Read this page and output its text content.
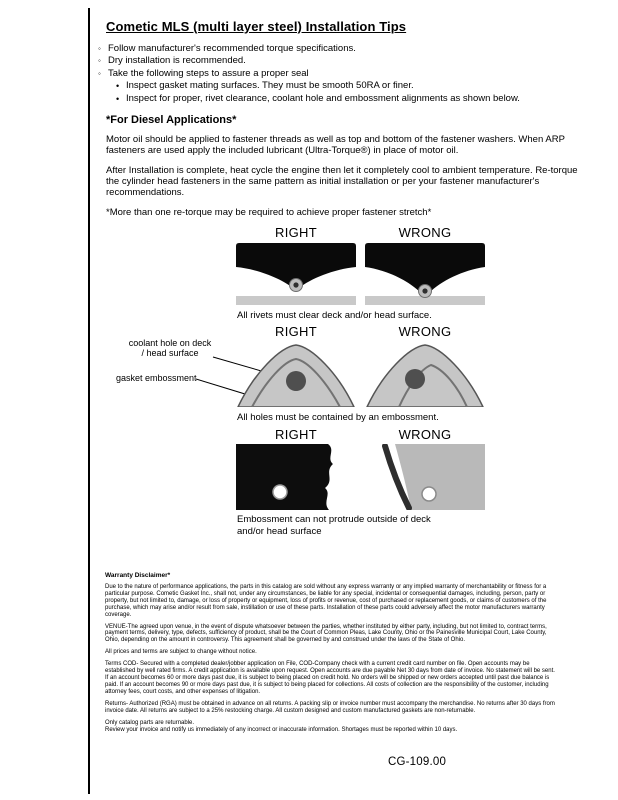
Cometic MLS (multi layer steel) Installation Tips
◦ Follow manufacturer's recommended torque specifications.
◦ Dry installation is recommended.
◦ Take the following steps to assure a proper seal
• Inspect gasket mating surfaces. They must be smooth 50RA or finer.
• Inspect for proper, rivet clearance, coolant hole and embossment alignments as shown below.
*For Diesel Applications*

Motor oil should be applied to fastener threads as well as top and bottom of the fastener washers. When ARP fasteners are used apply the included lubricant (Ultra-Torque®) in place of motor oil.

After Installation is complete, heat cycle the engine then let it completely cool to ambient temperature. Re-torque the cylinder head fasteners in the same pattern as initial installation or per your fastener manufacturer's recommendations.

*More than one re-torque may be required to achieve proper fastener stretch*

RIGHT	WRONG
All rivets must clear deck and/or head surface.
RIGHT	WRONG
coolant hole on deck / head surface
gasket embossment
All holes must be contained by an embossment.
RIGHT	WRONG
Embossment can not protrude outside of deck and/or head surface
Warranty Disclaimer*

Due to the nature of performance applications, the parts in this catalog are sold without any express warranty or any implied warranty of merchantability or fitness for a particular purpose. Cometic Gasket Inc., shall not, under any circumstances, be liable for any special, incidental or consequential damages, including, person, party or property, but not limited to, damage, or loss of property or equipment, loss of profits or revenue, cost of purchased or replacement goods, or claims of customers of the purchase, which may arise and/or result from sale, instillation or use of these parts. Installation of these parts could adversely affect the motor manufacturers warranty coverage.

VENUE-The agreed upon venue, in the event of dispute whatsoever between the parties, whether instituted by either party, including, but not limited to, contract terms, payment terms, delivery, type, defects, sufficiency of product, shall be the Court of Common Pleas, Lake County, Ohio or the Painesville Municipal Court, Lake County, Ohio, depending on the amount in controversy. This agreement shall be governed by and construed under the laws of the State of Ohio.

All prices and terms are subject to change without notice.

Terms COD- Secured with a completed dealer/jobber application on File, COD-Company check with a current credit card number on file. Open accounts may be established by well rated firms. A credit application is available upon request. Open accounts are due payable Net 30 days from date of invoice. No statement will be sent. If an account becomes 60 or more days past due, it is subject to being placed on credit hold. No orders will be shipped or new orders accepted until past due balance is paid. If an account becomes 90 or more days past due, it is subject to being placed for collections. All costs of collection are the responsibility of the customer, including attorney fees, court costs, and other expenses of litigation.

Returns- Authorized (RGA) must be obtained in advance on all returns. A packing slip or invoice number must accompany the merchandise. No returns after 30 days from invoice date. All returns are subject to a 25% restocking charge. All custom designed and custom manufactured gaskets are non-returnable.

Only catalog parts are returnable.

Review your invoice and notify us immediately of any incorrect or inaccurate information. Shortages must be reported within 10 days.

CG-109.00
